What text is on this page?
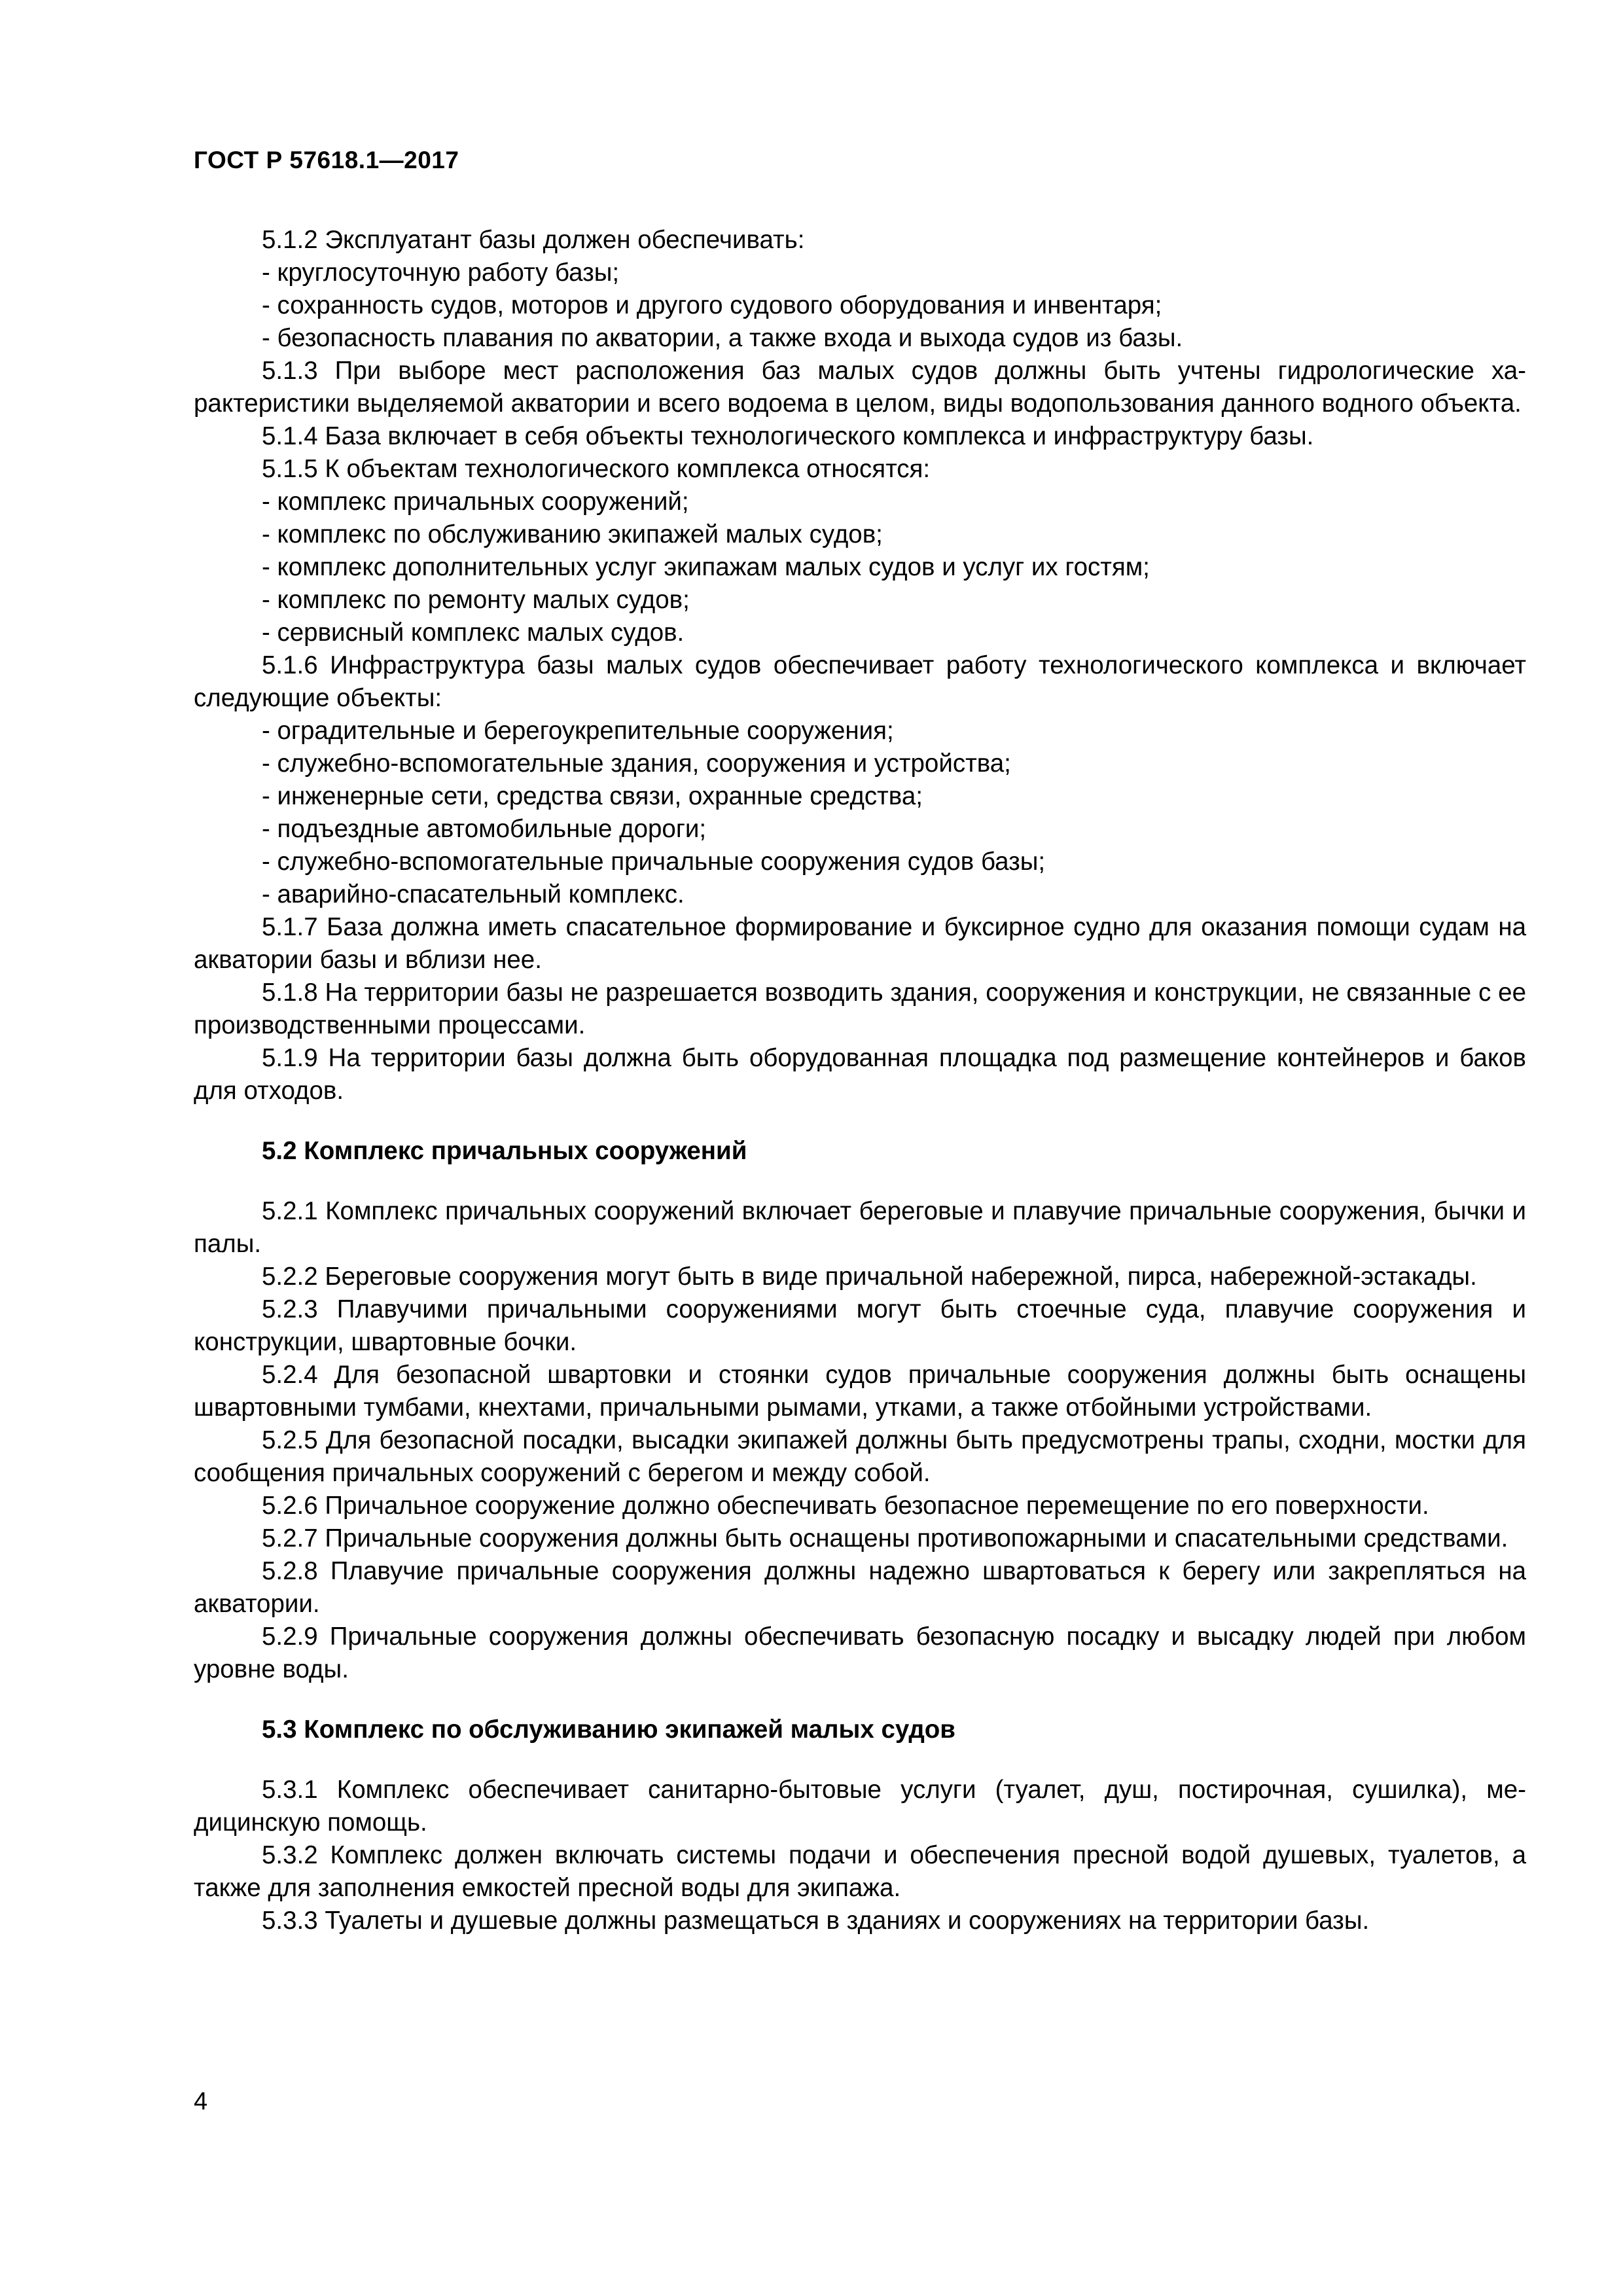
ГОСТ Р 57618.1—2017

5.1.2 Эксплуатант базы должен обеспечивать:

- круглосуточную работу базы;

- сохранность судов, моторов и другого судового оборудования и инвентаря;

- безопасность плавания по акватории, а также входа и выхода судов из базы.

5.1.3 При выборе мест расположения баз малых судов должны быть учтены гидрологические характеристики выделяемой акватории и всего водоема в целом, виды водопользования данного водного объекта.

5.1.4 База включает в себя объекты технологического комплекса и инфраструктуру базы.

5.1.5 К объектам технологического комплекса относятся:

- комплекс причальных сооружений;

- комплекс по обслуживанию экипажей малых судов;

- комплекс дополнительных услуг экипажам малых судов и услуг их гостям;

- комплекс по ремонту малых судов;

- сервисный комплекс малых судов.

5.1.6 Инфраструктура базы малых судов обеспечивает работу технологического комплекса и включает следующие объекты:

- оградительные и берегоукрепительные сооружения;

- служебно-вспомогательные здания, сооружения и устройства;

- инженерные сети, средства связи, охранные средства;

- подъездные автомобильные дороги;

- служебно-вспомогательные причальные сооружения судов базы;

- аварийно-спасательный комплекс.

5.1.7 База должна иметь спасательное формирование и буксирное судно для оказания помощи судам на акватории базы и вблизи нее.

5.1.8 На территории базы не разрешается возводить здания, сооружения и конструкции, не связанные с ее производственными процессами.

5.1.9 На территории базы должна быть оборудованная площадка под размещение контейнеров и баков для отходов.

5.2 Комплекс причальных сооружений

5.2.1 Комплекс причальных сооружений включает береговые и плавучие причальные сооружения, бычки и палы.

5.2.2 Береговые сооружения могут быть в виде причальной набережной, пирса, набережной-эстакады.

5.2.3 Плавучими причальными сооружениями могут быть стоечные суда, плавучие сооружения и конструкции, швартовные бочки.

5.2.4 Для безопасной швартовки и стоянки судов причальные сооружения должны быть оснащены швартовными тумбами, кнехтами, причальными рымами, утками, а также отбойными устройствами.

5.2.5 Для безопасной посадки, высадки экипажей должны быть предусмотрены трапы, сходни, мостки для сообщения причальных сооружений с берегом и между собой.

5.2.6 Причальное сооружение должно обеспечивать безопасное перемещение по его поверхности.

5.2.7 Причальные сооружения должны быть оснащены противопожарными и спасательными средствами.

5.2.8 Плавучие причальные сооружения должны надежно швартоваться к берегу или закрепляться на акватории.

5.2.9 Причальные сооружения должны обеспечивать безопасную посадку и высадку людей при любом уровне воды.

5.3 Комплекс по обслуживанию экипажей малых судов

5.3.1 Комплекс обеспечивает санитарно-бытовые услуги (туалет, душ, постирочная, сушилка), медицинскую помощь.

5.3.2 Комплекс должен включать системы подачи и обеспечения пресной водой душевых, туалетов, а также для заполнения емкостей пресной воды для экипажа.

5.3.3 Туалеты и душевые должны размещаться в зданиях и сооружениях на территории базы.

4
